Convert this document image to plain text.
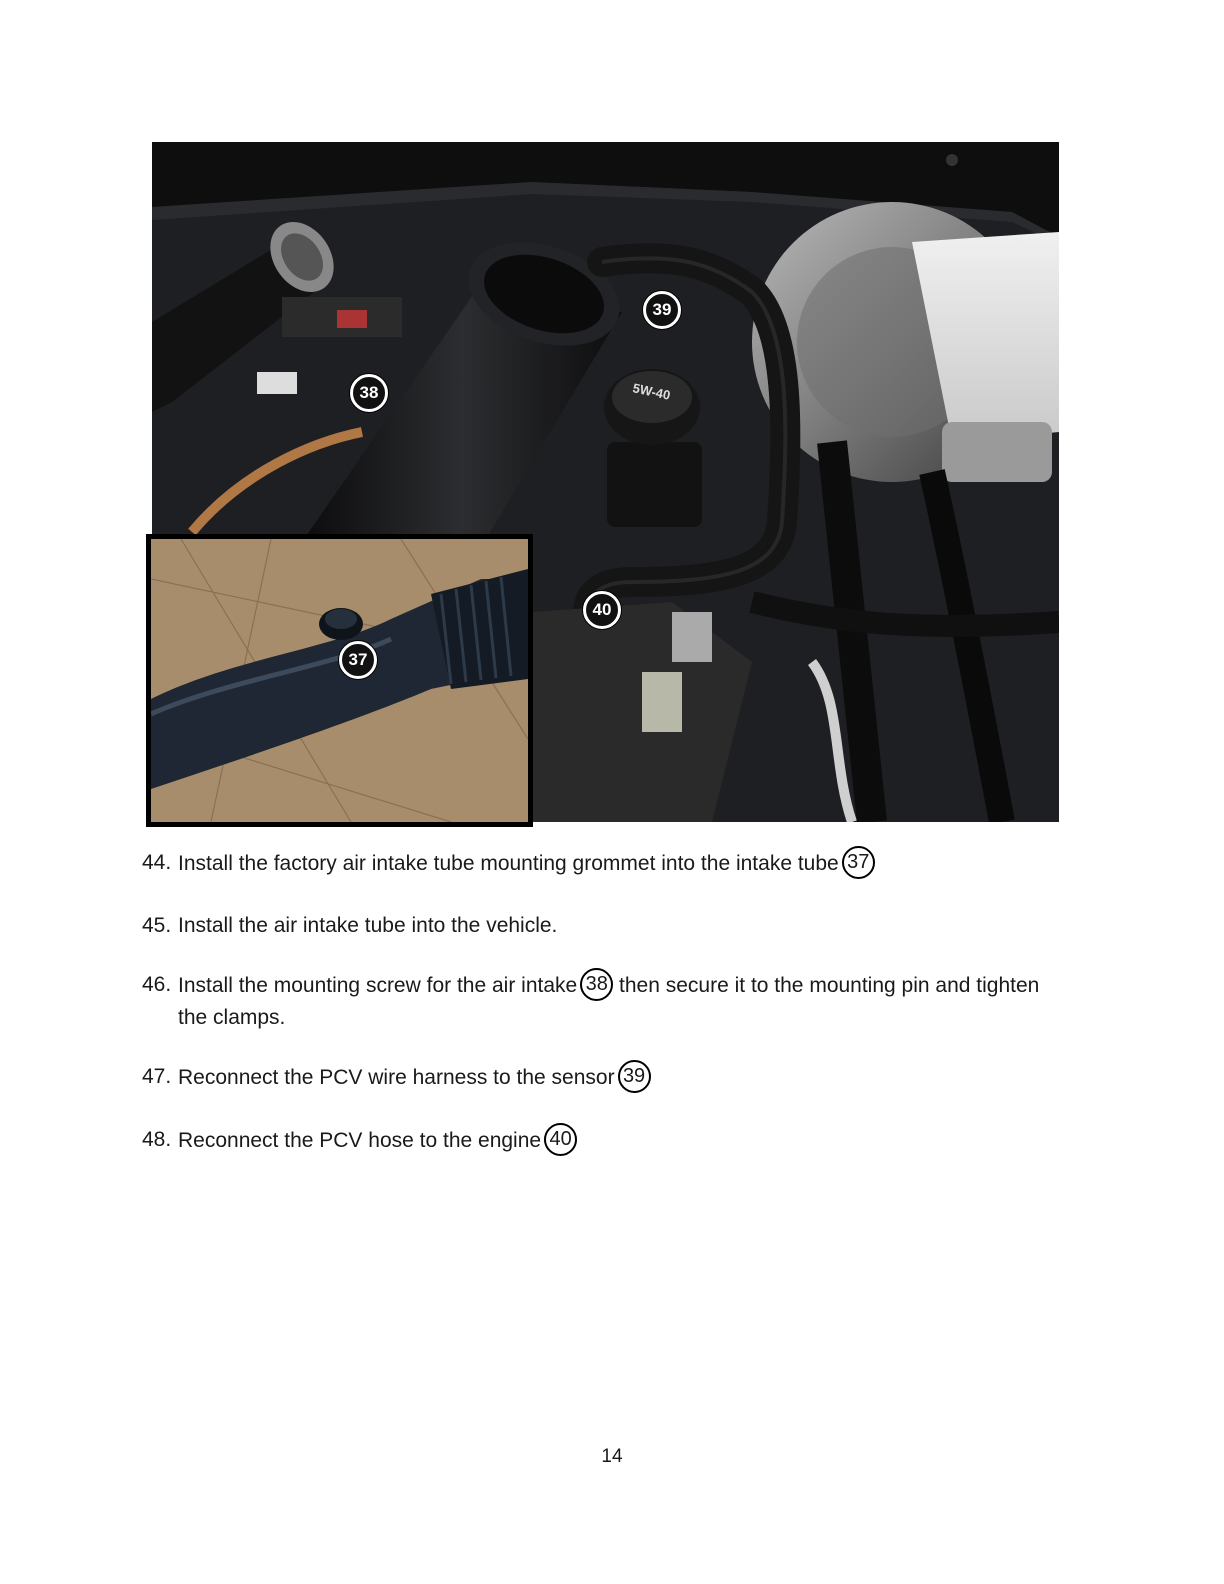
5W-40
38
39
40
37
44. Install the factory air intake tube mounting grommet into the intake tube 37
45. Install the air intake tube into the vehicle.
46. Install the mounting screw for the air intake 38 then secure it to the mounting pin and tighten the clamps.
47. Reconnect the PCV wire harness to the sensor 39
48. Reconnect the PCV hose to the engine 40
14
